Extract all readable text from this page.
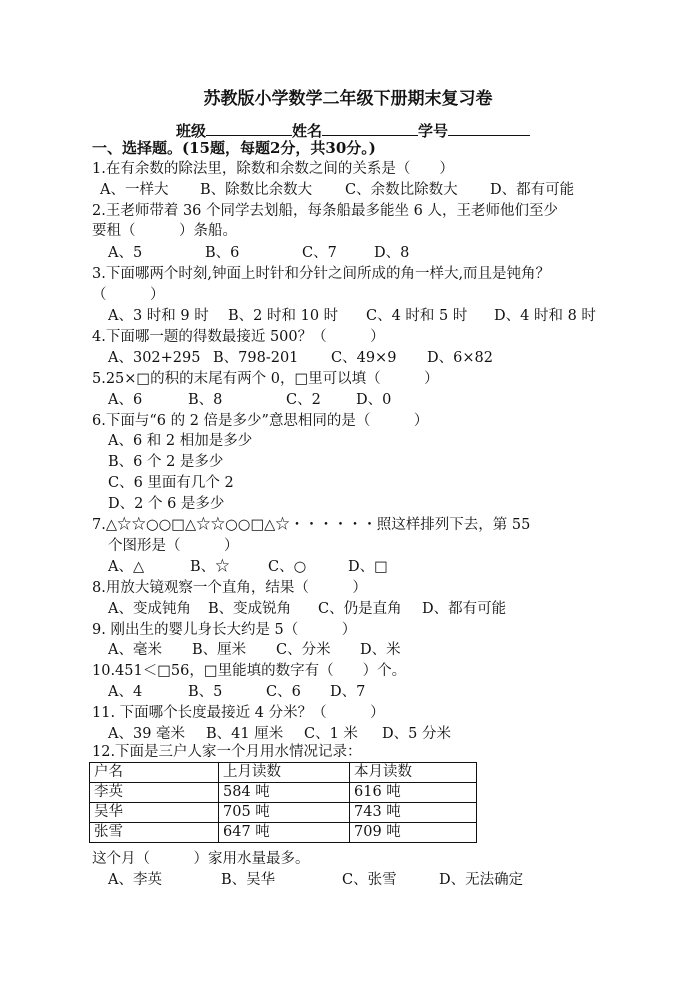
苏教版小学数学二年级下册期末复习卷
班级	姓名	学号
一、选择题。(15题，每题2分，共30分。)
1.在有余数的除法里，除数和余数之间的关系是（　　）
A、一样大 B、除数比余数大 C、余数比除数大 D、都有可能
2.王老师带着 36 个同学去划船，每条船最多能坐 6 人，王老师他们至少
要租（　　　）条船。
A、5	B、6	C、7	D、8
3.下面哪两个时刻,钟面上时针和分针之间所成的角一样大,而且是钝角？
（　　　）
A、3 时和 9 时 B、2 时和 10 时 C、4 时和 5 时 D、4 时和 8 时
4.下面哪一题的得数最接近 500？（　　　）
A、302+295 B、798-201 C、49×9 D、6×82
5.25×□的积的末尾有两个 0，□里可以填（　　　）
A、6	B、8	C、2 D、0
6.下面与“6 的 2 倍是多少”意思相同的是（　　　）
A、6 和 2 相加是多少
B、6 个 2 是多少
C、6 里面有几个 2
D、2 个 6 是多少
7.△☆☆○○□△☆☆○○□△☆・・・・・・照这样排列下去，第 55
个图形是（　　　）
A、△	B、☆	C、○	D、□
8.用放大镜观察一个直角，结果（　　　）
A、变成钝角 B、变成锐角 C、仍是直角 D、都有可能
9. 刚出生的婴儿身长大约是 5（　　　）
A、毫米 B、厘米 C、分米 D、米
10.451＜□56，□里能填的数字有（　　）个。
A、4	B、5	C、6 D、7
11. 下面哪个长度最接近 4 分米？（　　　）
A、39 毫米 B、41 厘米 C、1 米 D、5 分米
12.下面是三户人家一个月用水情况记录：
户名	上月读数	本月读数
李英	584 吨	616 吨
吴华	705 吨	743 吨
张雪	647 吨	709 吨
这个月（　　　）家用水量最多。
A、李英	B、吴华	C、张雪	D、无法确定
